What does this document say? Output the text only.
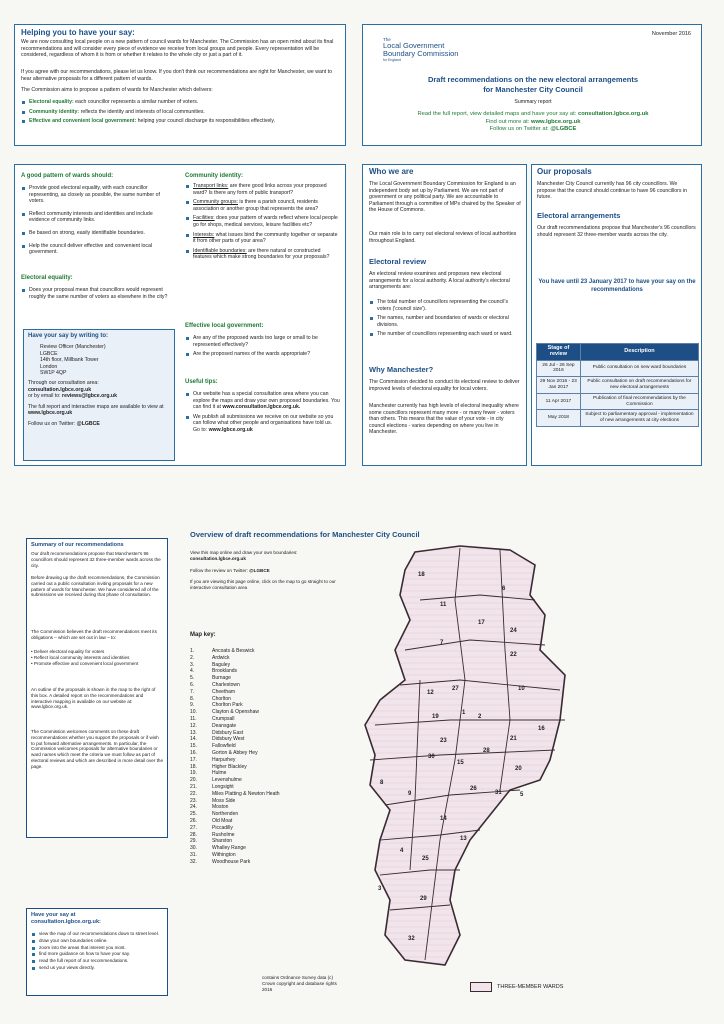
Helping you to have your say:

We are now consulting local people on a new pattern of council wards for Manchester. The Commission has an open mind about its final recommendations and will consider every piece of evidence we receive from local groups and people. Every representation will be considered, regardless of whom it is from or whether it relates to the whole city or just a part of it.

If you agree with our recommendations, please let us know. If you don't think our recommendations are right for Manchester, we want to hear alternative proposals for a different pattern of wards.

The Commission aims to propose a pattern of wards for Manchester which delivers:

Electoral equality: each councillor represents a similar number of voters.
Community identity: reflects the identity and interests of local communities.
Effective and convenient local government: helping your council discharge its responsibilities effectively.
November 2016
The
Local Government
Boundary Commission
for England
Draft recommendations on the new electoral arrangements
for Manchester City Council
Summary report
Read the full report, view detailed maps and have your say at: consultation.lgbce.org.uk
Find out more at: www.lgbce.org.uk
Follow us on Twitter at: @LGBCE
A good pattern of wards should:
Provide good electoral equality, with each councillor representing, as closely as possible, the same number of voters.
Reflect community interests and identities and include evidence of community links.
Be based on strong, easily identifiable boundaries.
Help the council deliver effective and convenient local government.
Electoral equality:
Does your proposal mean that councillors would represent roughly the same number of voters as elsewhere in the city?
Have your say by writing to:
Review Officer (Manchester)
LGBCE
14th floor, Millbank Tower
London
SW1P 4QP
Through our consultation area:
consultation.lgbce.org.uk
or by email to: reviews@lgbce.org.uk
The full report and interactive maps are available to view at www.lgbce.org.uk
Follow us on Twitter: @LGBCE
Community identity:
Transport links: are there good links across your proposed ward? Is there any form of public transport?
Community groups: is there a parish council, residents association or another group that represents the area?
Facilities: does your pattern of wards reflect where local people go for shops, medical services, leisure facilities etc?
Interests: what issues bind the community together or separate it from other parts of your area?
Identifiable boundaries: are there natural or constructed features which make strong boundaries for your proposals?
Effective local government:
Are any of the proposed wards too large or small to be represented effectively?
Are the proposed names of the wards appropriate?
Useful tips:
Our website has a special consultation area where you can explore the maps and draw your own proposed boundaries. You can find it at www.consultation.lgbce.org.uk.
We publish all submissions we receive on our website so you can follow what other people and organisations have told us. Go to: www.lgbce.org.uk
Who we are

The Local Government Boundary Commission for England is an independent body set up by Parliament. We are not part of government or any political party. We are accountable to Parliament through a committee of MPs chaired by the Speaker of the House of Commons.

Our main role is to carry out electoral reviews of local authorities throughout England.

Electoral review

An electoral review examines and proposes new electoral arrangements for a local authority. A local authority's electoral arrangements are:

The total number of councillors representing the council's voters ('council size').
The names, number and boundaries of wards or electoral divisions.
The number of councillors representing each ward or ward.
Why Manchester?

The Commission decided to conduct its electoral review to deliver improved levels of electoral equality for local voters.

Manchester currently has high levels of electoral inequality where some councillors represent many more - or many fewer - voters than others. This means that the value of your vote - in city council elections - varies depending on where you live in Manchester.

Our proposals

Manchester City Council currently has 96 city councillors. We propose that the council should continue to have 96 councillors in future.

Electoral arrangements

Our draft recommendations propose that Manchester's 96 councillors should represent 32 three-member wards across the city.

You have until 23 January 2017 to have your say on the recommendations
Stage of review	Description
26 Jul - 26 Sep 2016	Public consultation on new ward boundaries
29 Nov 2016 - 23 Jan 2017	Public consultation on draft recommendations for new electoral arrangements
11 Apr 2017	Publication of final recommendations by the Commission
May 2018	Subject to parliamentary approval - implementation of new arrangements at city elections
Summary of our recommendations

Our draft recommendations propose that Manchester's 96 councillors should represent 32 three-member wards across the city.

Before drawing up the draft recommendations, the Commission carried out a public consultation inviting proposals for a new pattern of wards for Manchester. We have considered all of the submissions we received during that phase of consultation.

The Commission believes the draft recommendations meet its obligations – which are set out in law – to:

• Deliver electoral equality for voters
• Reflect local community interests and identities
• Promote effective and convenient local government

An outline of the proposals is shown in the map to the right of this box. A detailed report on the recommendations and interactive mapping is available on our website at: www.lgbce.org.uk.

The Commission welcomes comments on these draft recommendations whether you support the proposals or if wish to put forward alternative arrangements. In particular, the Commission welcomes proposals for alternative boundaries or ward names which meet the criteria we must follow as part of electoral reviews and which are described in more detail over the page.

Have your say at
consultation.lgbce.org.uk:
view the map of our recommendations down to street level.
draw your own boundaries online.
zoom into the areas that interest you most.
find more guidance on how to have your say.
read the full report of our recommendations.
send us your views directly.
Overview of draft recommendations for Manchester City Council
View this map online and draw your own boundaries:
consultation.lgbce.org.uk
Follow the review on Twitter: @LGBCE
If you are viewing this page online, click on the map to go straight to our interactive consultation area
Map key:
1.	Ancoats & Beswick
2.	Ardwick
3.	Baguley
4.	Brooklands
5.	Burnage
6.	Charlestown
7.	Cheetham
8.	Chorlton
9.	Chorlton Park
10.	Clayton & Openshaw
11.	Crumpsall
12.	Deansgate
13.	Didsbury East
14.	Didsbury West
15.	Fallowfield
16.	Gorton & Abbey Hey
17.	Harpurhey
18.	Higher Blackley
19.	Hulme
20.	Levenshulme
21.	Longsight
22.	Miles Platting & Newton Heath
23.	Moss Side
24.	Moston
25.	Northenden
26.	Old Moat
27.	Piccadilly
28.	Rusholme
29.	Sharston
30.	Whalley Range
31.	Withington
32.	Woodhouse Park
18
6
11
17
24
7
22
12
27
1
10
19	2
16
23	21
28
30
15
20
8
9
26
31	5
14
13
4
25
3
29
32
contains Ordnance Survey data (c) Crown copyright and database rights 2016	THREE-MEMBER WARDS
